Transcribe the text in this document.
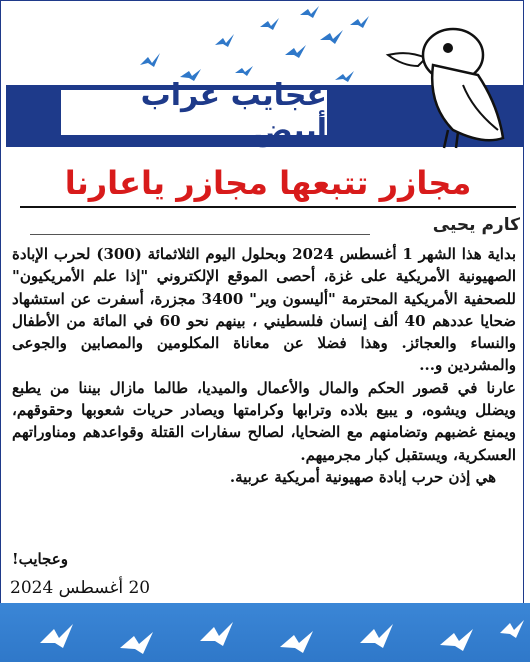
عجايب غراب أبيض
مجازر تتبعها مجازر ياعارنا
كارم يحيى

بداية هذا الشهر 1 أغسطس 2024 وبحلول اليوم الثلاثمائة (300) لحرب الإبادة الصهيونية الأمريكية على غزة، أحصى الموقع الإلكتروني "إذا علم الأمريكيون" للصحفية الأمريكية المحترمة "أليسون وير" 3400 مجزرة، أسفرت عن استشهاد ضحايا عددهم 40 ألف إنسان فلسطيني ، بينهم نحو 60 في المائة من الأطفال والنساء والعجائز. وهذا فضلا عن معاناة المكلومين والمصابين والجوعى والمشردين و...

عارنا في قصور الحكم والمال والأعمال والميديا، طالما مازال بيننا من يطبع ويضلل ويشوه، و يبيع بلاده وترابها وكرامتها ويصادر حريات شعوبها وحقوقهم، ويمنع غضبهم وتضامنهم مع الضحايا، لصالح سفارات القتلة وقواعدهم ومناوراتهم العسكرية، ويستقبل كبار مجرميهم.

هي إذن حرب إبادة صهيونية أمريكية عربية.

وعجايب!
20 أغسطس 2024
